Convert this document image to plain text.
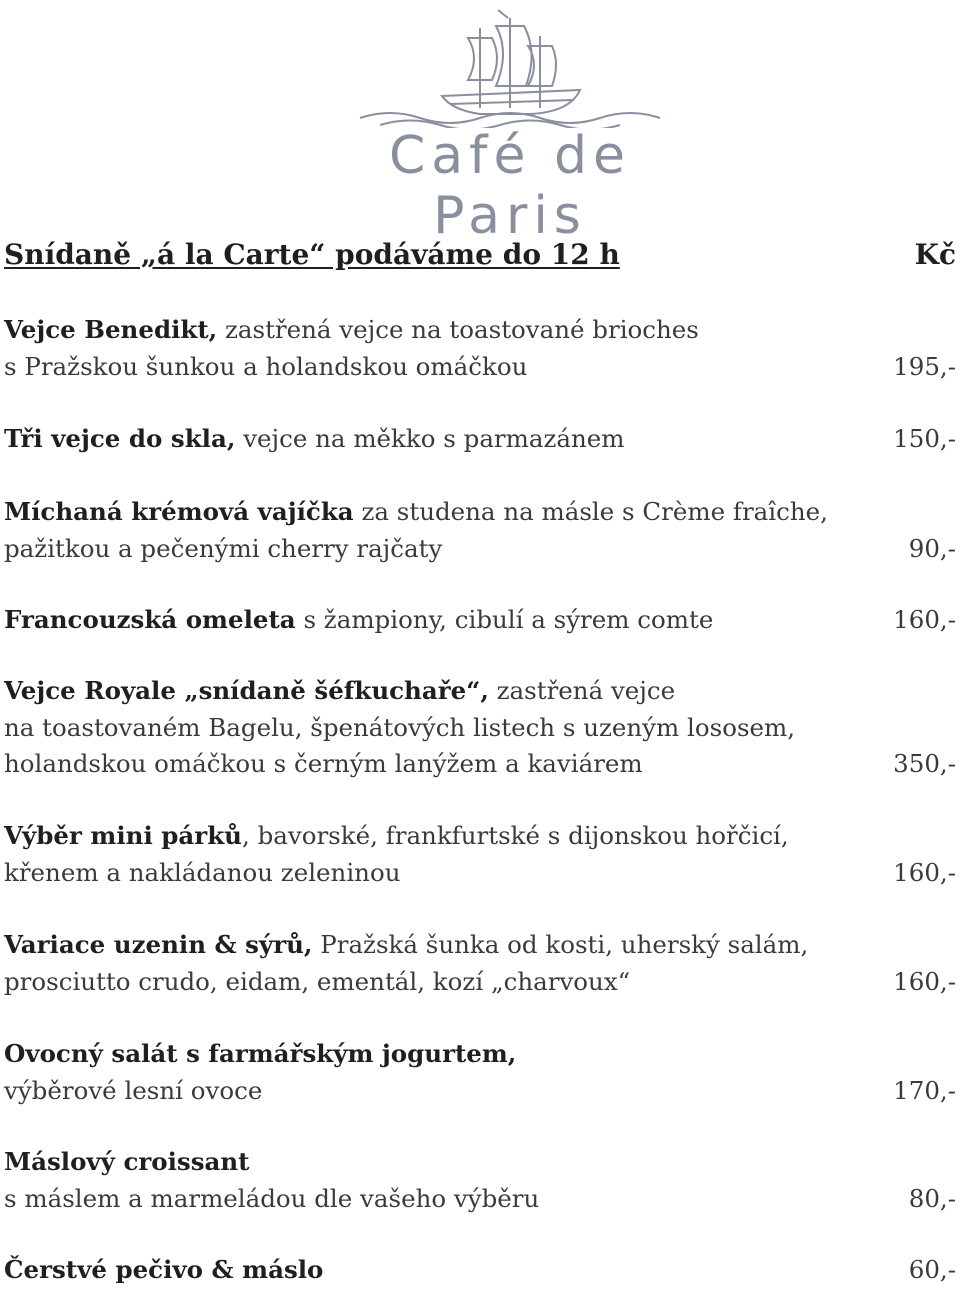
Café de Paris
Snídaně „á la Carte“ podáváme do 12 h	Kč
Vejce Benedikt, zastřená vejce na toastované brioches
s Pražskou šunkou a holandskou omáčkou	195,-
Tři vejce do skla, vejce na měkko s parmazánem	150,-
Míchaná krémová vajíčka za studena na másle s Crème fraîche,
pažitkou a pečenými cherry rajčaty	90,-
Francouzská omeleta s žampiony, cibulí a sýrem comte	160,-
Vejce Royale „snídaně šéfkuchaře“, zastřená vejce
na toastovaném Bagelu, špenátových listech s uzeným lososem,
holandskou omáčkou s černým lanýžem a kaviárem	350,-
Výběr mini párků, bavorské, frankfurtské s dijonskou hořčicí,
křenem a nakládanou zeleninou	160,-
Variace uzenin & sýrů, Pražská šunka od kosti, uherský salám,
prosciutto crudo, eidam, ementál, kozí „charvoux“	160,-
Ovocný salát s farmářským jogurtem,
výběrové lesní ovoce	170,-
Máslový croissant
s máslem a marmeládou dle vašeho výběru	80,-
Čerstvé pečivo & máslo	60,-
